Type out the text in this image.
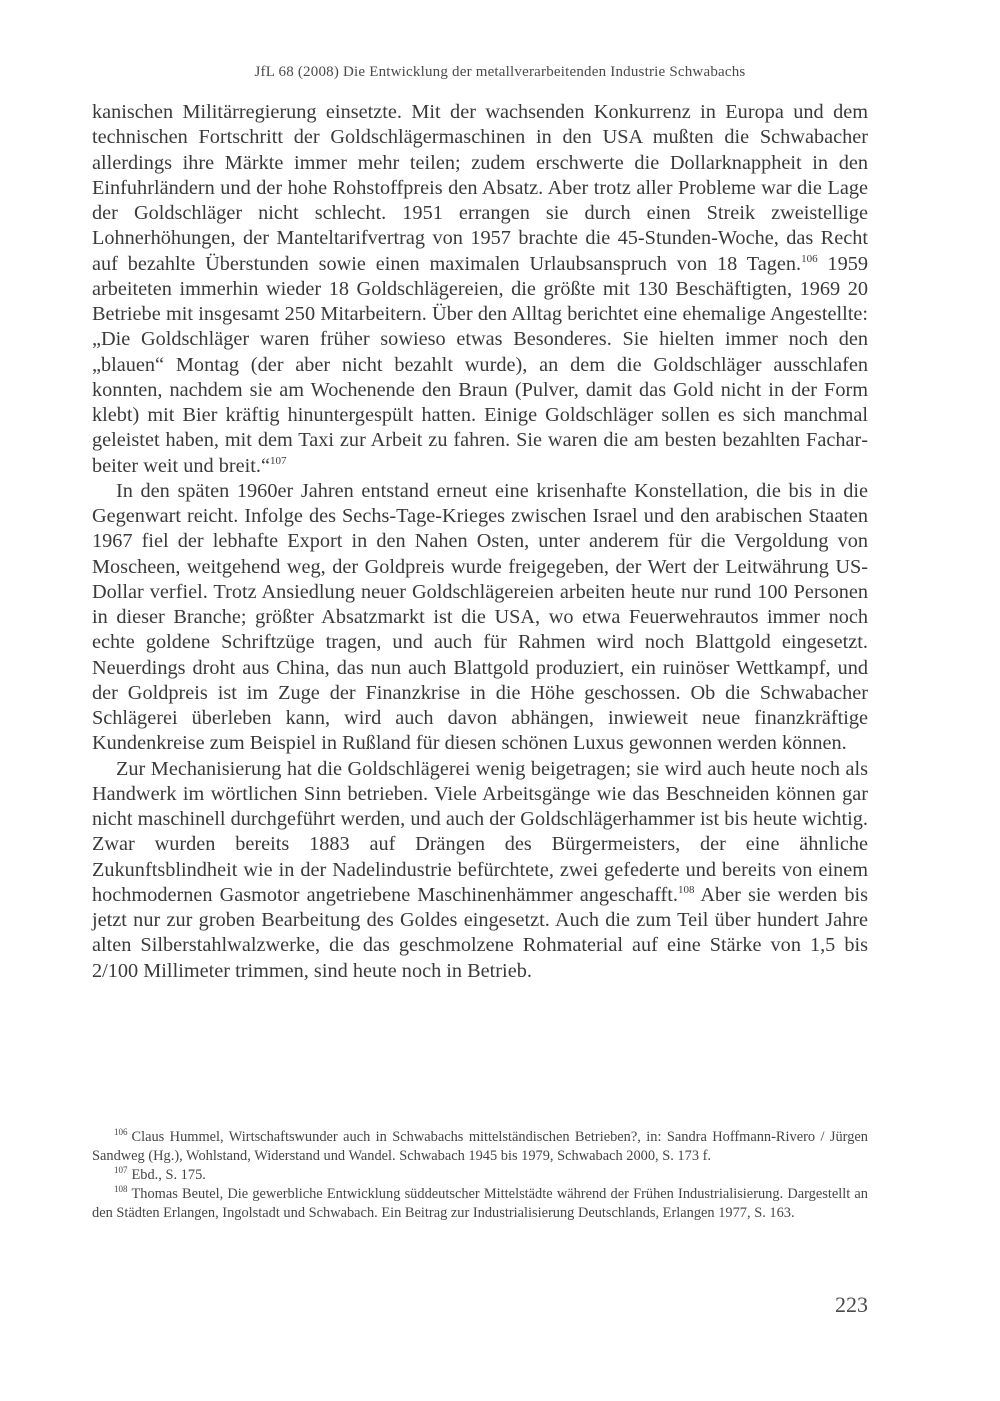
JfL 68 (2008) Die Entwicklung der metallverarbeitenden Industrie Schwabachs

kanischen Militärregierung einsetzte. Mit der wachsenden Konkurrenz in Europa und dem technischen Fortschritt der Goldschlägermaschinen in den USA mußten die Schwabacher allerdings ihre Märkte immer mehr teilen; zudem erschwerte die Dollarknappheit in den Einfuhrländern und der hohe Rohstoffpreis den Absatz. Aber trotz aller Probleme war die Lage der Goldschläger nicht schlecht. 1951 errangen sie durch einen Streik zweistellige Lohnerhöhungen, der Manteltarifvertrag von 1957 brachte die 45-Stunden-Woche, das Recht auf bezahlte Überstunden sowie einen maximalen Urlaubsanspruch von 18 Tagen.$^{106}$ 1959 arbeiteten immerhin wieder 18 Goldschlägereien, die größte mit 130 Beschäftigten, 1969 20 Betriebe mit insgesamt 250 Mitarbeitern. Über den Alltag berichtet eine ehemalige Angestellte: „Die Goldschläger waren früher sowieso etwas Besonderes. Sie hielten immer noch den „blauen“ Montag (der aber nicht bezahlt wurde), an dem die Goldschläger ausschlafen konnten, nachdem sie am Wochenende den Braun (Pulver, damit das Gold nicht in der Form klebt) mit Bier kräftig hinuntergespült hatten. Einige Goldschläger sollen es sich manchmal geleistet haben, mit dem Taxi zur Arbeit zu fahren. Sie waren die am besten bezahlten Facharbeiter weit und breit.“$^{107}$

In den späten 1960er Jahren entstand erneut eine krisenhafte Konstellation, die bis in die Gegenwart reicht. Infolge des Sechs-Tage-Krieges zwischen Israel und den arabischen Staaten 1967 fiel der lebhafte Export in den Nahen Osten, unter anderem für die Vergoldung von Moscheen, weitgehend weg, der Goldpreis wurde freigegeben, der Wert der Leitwährung US-Dollar verfiel. Trotz Ansiedlung neuer Goldschlägereien arbeiten heute nur rund 100 Personen in dieser Branche; größter Absatzmarkt ist die USA, wo etwa Feuerwehrautos immer noch echte goldene Schriftzüge tragen, und auch für Rahmen wird noch Blattgold eingesetzt. Neuerdings droht aus China, das nun auch Blattgold produziert, ein ruinöser Wettkampf, und der Goldpreis ist im Zuge der Finanzkrise in die Höhe geschossen. Ob die Schwabacher Schlägerei überleben kann, wird auch davon abhängen, inwieweit neue finanzkräftige Kundenkreise zum Beispiel in Rußland für diesen schönen Luxus gewonnen werden können.

Zur Mechanisierung hat die Goldschlägerei wenig beigetragen; sie wird auch heute noch als Handwerk im wörtlichen Sinn betrieben. Viele Arbeitsgänge wie das Beschneiden können gar nicht maschinell durchgeführt werden, und auch der Goldschlägerhammer ist bis heute wichtig. Zwar wurden bereits 1883 auf Drängen des Bürgermeisters, der eine ähnliche Zukunftsblindheit wie in der Nadelindustrie befürchtete, zwei gefederte und bereits von einem hochmodernen Gasmotor angetriebene Maschinenhämmer angeschafft.$^{108}$ Aber sie werden bis jetzt nur zur groben Bearbeitung des Goldes eingesetzt. Auch die zum Teil über hundert Jahre alten Silberstahlwalzwerke, die das geschmolzene Rohmaterial auf eine Stärke von 1,5 bis 2/100 Millimeter trimmen, sind heute noch in Betrieb.

$^{106}$ Claus Hummel, Wirtschaftswunder auch in Schwabachs mittelständischen Betrieben?, in: Sandra Hoffmann-Rivero / Jürgen Sandweg (Hg.), Wohlstand, Widerstand und Wandel. Schwabach 1945 bis 1979, Schwabach 2000, S. 173 f.

$^{107}$ Ebd., S. 175.

$^{108}$ Thomas Beutel, Die gewerbliche Entwicklung süddeutscher Mittelstädte während der Frühen Industrialisierung. Dargestellt an den Städten Erlangen, Ingolstadt und Schwabach. Ein Beitrag zur Industrialisierung Deutschlands, Erlangen 1977, S. 163.

223
